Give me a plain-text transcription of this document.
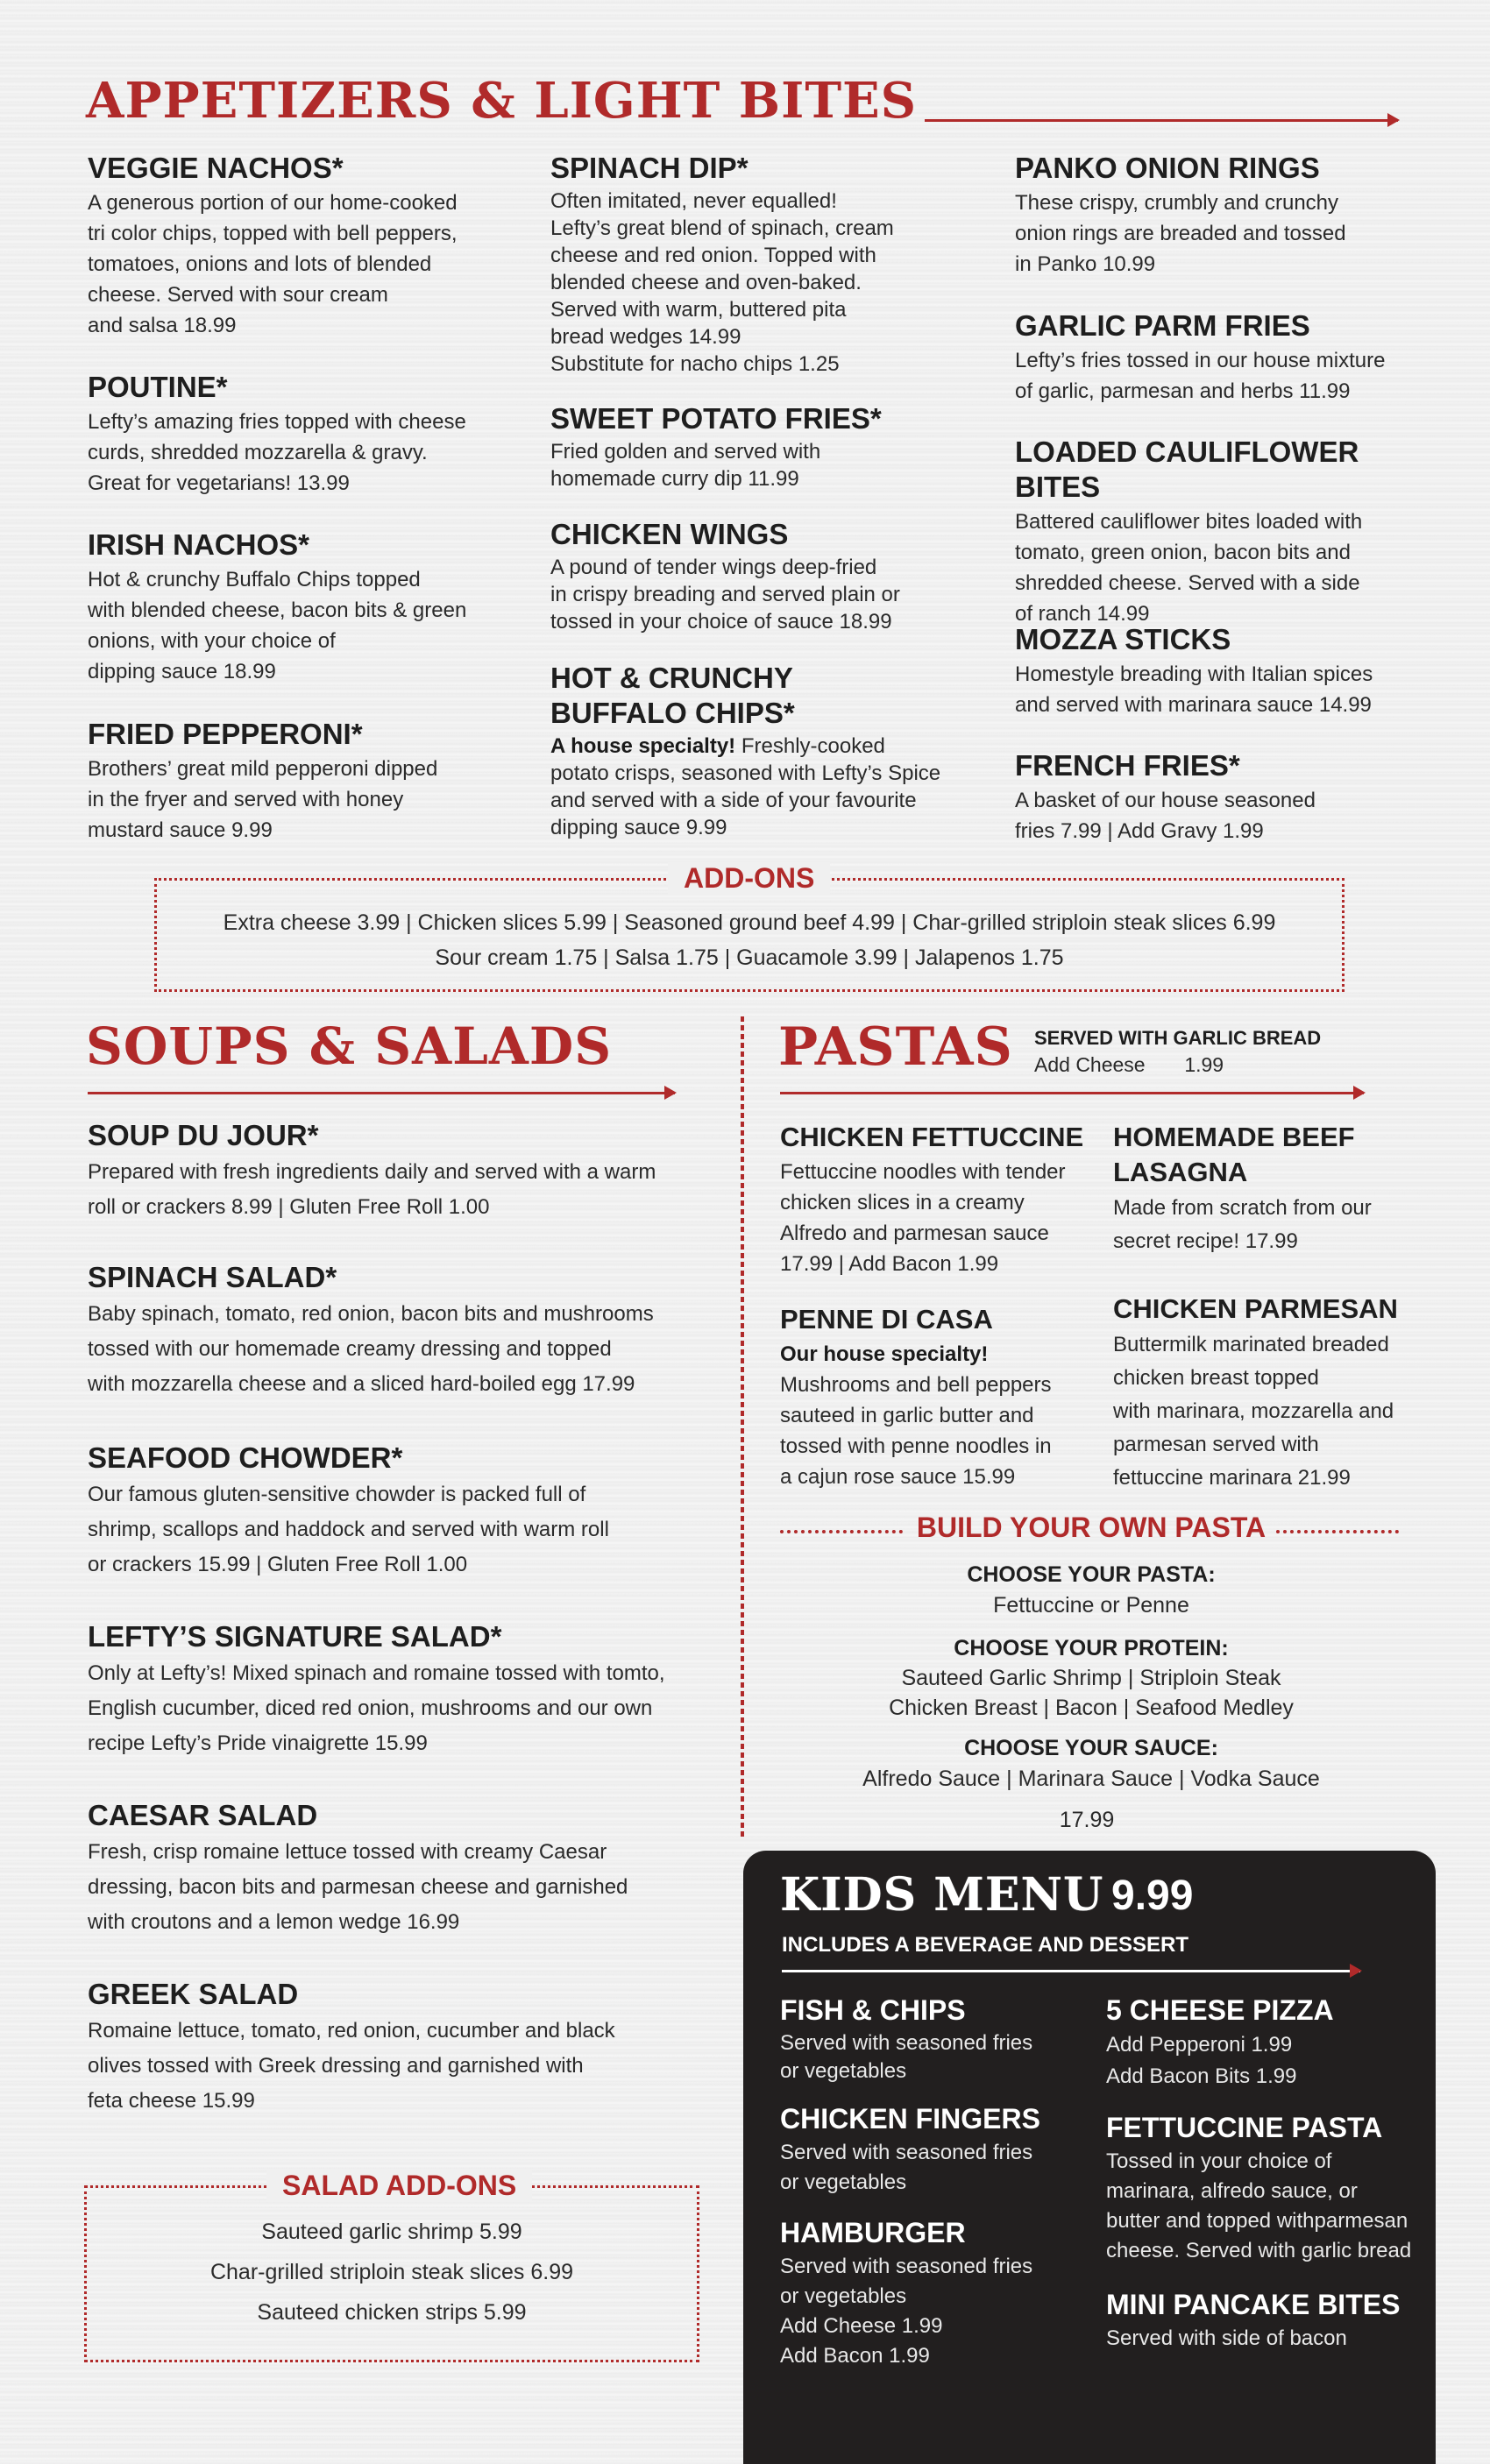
APPETIZERS & LIGHT BITES
VEGGIE NACHOS*
A generous portion of our home-cooked
tri color chips, topped with bell peppers,
tomatoes, onions and lots of blended
cheese. Served with sour cream
and salsa 18.99
POUTINE*
Lefty’s amazing fries topped with cheese
curds, shredded mozzarella & gravy.
Great for vegetarians! 13.99
IRISH NACHOS*
Hot & crunchy Buffalo Chips topped
with blended cheese, bacon bits & green
onions, with your choice of
dipping sauce 18.99
FRIED PEPPERONI*
Brothers’ great mild pepperoni dipped
in the fryer and served with honey
mustard sauce 9.99
SPINACH DIP*
Often imitated, never equalled!
Lefty’s great blend of spinach, cream
cheese and red onion. Topped with
blended cheese and oven-baked.
Served with warm, buttered pita
bread wedges 14.99
Substitute for nacho chips 1.25
SWEET POTATO FRIES*
Fried golden and served with
homemade curry dip 11.99
CHICKEN WINGS
A pound of tender wings deep-fried
in crispy breading and served plain or
tossed in your choice of sauce 18.99
HOT & CRUNCHY
BUFFALO CHIPS*
A house specialty! Freshly-cooked
potato crisps, seasoned with Lefty’s Spice
and served with a side of your favourite
dipping sauce 9.99
PANKO ONION RINGS
These crispy, crumbly and crunchy
onion rings are breaded and tossed
in Panko 10.99
GARLIC PARM FRIES
Lefty’s fries tossed in our house mixture
of garlic, parmesan and herbs 11.99
LOADED CAULIFLOWER BITES
Battered cauliflower bites loaded with
tomato, green onion, bacon bits and
shredded cheese. Served with a side
of ranch 14.99
MOZZA STICKS
Homestyle breading with Italian spices
and served with marinara sauce 14.99
FRENCH FRIES*
A basket of our house seasoned
fries 7.99 | Add Gravy 1.99
Extra cheese 3.99 | Chicken slices 5.99 | Seasoned ground beef 4.99 | Char-grilled striploin steak slices 6.99
Sour cream 1.75 | Salsa 1.75 | Guacamole 3.99 | Jalapenos 1.75
ADD-ONS
SOUPS & SALADS
SOUP DU JOUR*
Prepared with fresh ingredients daily and served with a warm
roll or crackers 8.99 | Gluten Free Roll 1.00
SPINACH SALAD*
Baby spinach, tomato, red onion, bacon bits and mushrooms
tossed with our homemade creamy dressing and topped
with mozzarella cheese and a sliced hard-boiled egg 17.99
SEAFOOD CHOWDER*
Our famous gluten-sensitive chowder is packed full of
shrimp, scallops and haddock and served with warm roll
or crackers 15.99 | Gluten Free Roll 1.00
LEFTY’S SIGNATURE SALAD*
Only at Lefty’s! Mixed spinach and romaine tossed with tomto,
English cucumber, diced red onion, mushrooms and our own
recipe Lefty’s Pride vinaigrette 15.99
CAESAR SALAD
Fresh, crisp romaine lettuce tossed with creamy Caesar
dressing, bacon bits and parmesan cheese and garnished
with croutons and a lemon wedge 16.99
GREEK SALAD
Romaine lettuce, tomato, red onion, cucumber and black
olives tossed with Greek dressing and garnished with
feta cheese 15.99
Sauteed garlic shrimp 5.99
Char-grilled striploin steak slices 6.99
Sauteed chicken strips 5.99
SALAD ADD-ONS
PASTAS SERVED WITH GARLIC BREAD
Add Cheese       1.99
CHICKEN FETTUCCINE
Fettuccine noodles with tender
chicken slices in a creamy
Alfredo and parmesan sauce
17.99 | Add Bacon 1.99
PENNE DI CASA
Our house specialty!
Mushrooms and bell peppers
sauteed in garlic butter and
tossed with penne noodles in
a cajun rose sauce 15.99
HOMEMADE BEEF
LASAGNA
Made from scratch from our
secret recipe! 17.99
CHICKEN PARMESAN
Buttermilk marinated breaded
chicken breast topped
with marinara, mozzarella and
parmesan served with
fettuccine marinara 21.99
BUILD YOUR OWN PASTA
CHOOSE YOUR PASTA:
Fettuccine or Penne
CHOOSE YOUR PROTEIN:
Sauteed Garlic Shrimp | Striploin Steak
Chicken Breast | Bacon | Seafood Medley
CHOOSE YOUR SAUCE:
Alfredo Sauce | Marinara Sauce | Vodka Sauce
17.99
KIDS MENU 9.99
INCLUDES A BEVERAGE AND DESSERT
FISH & CHIPS
Served with seasoned fries
or vegetables
CHICKEN FINGERS
Served with seasoned fries
or vegetables
HAMBURGER
Served with seasoned fries
or vegetables
Add Cheese 1.99
Add Bacon 1.99
5 CHEESE PIZZA
Add Pepperoni 1.99
Add Bacon Bits 1.99
FETTUCCINE PASTA
Tossed in your choice of
marinara, alfredo sauce, or
butter and topped withparmesan
cheese. Served with garlic bread
MINI PANCAKE BITES
Served with side of bacon
